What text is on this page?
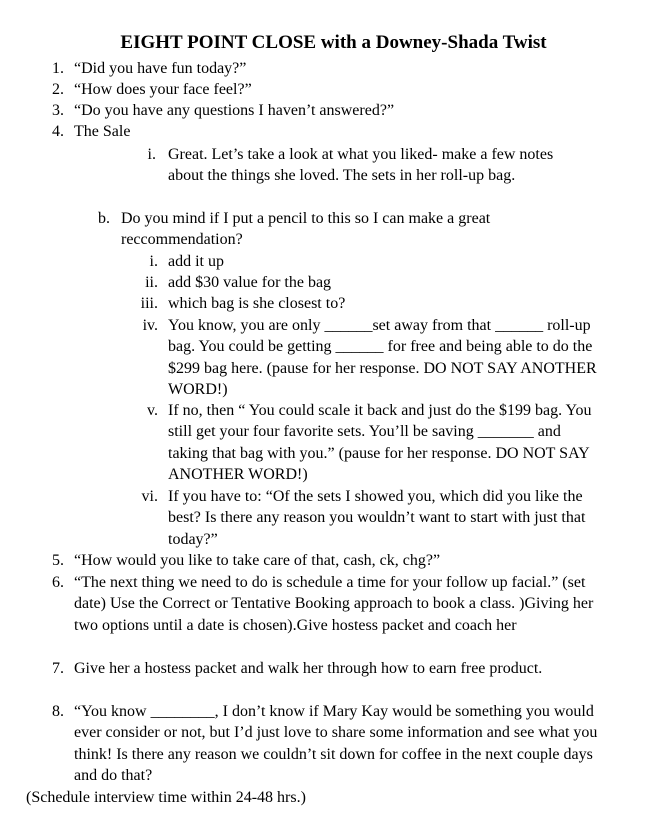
EIGHT POINT CLOSE with a Downey-Shada Twist
1. “Did you have fun today?”
2. “How does your face feel?”
3. “Do you have any questions I haven’t answered?”
4. The Sale
i. Great. Let’s take a look at what you liked- make a few notes about the things she loved. The sets in her roll-up bag.
b. Do you mind if I put a pencil to this so I can make a great reccommendation?
i. add it up
ii. add $30 value for the bag
iii. which bag is she closest to?
iv. You know, you are only ______set away from that ______ roll-up bag. You could be getting ______ for free and being able to do the $299 bag here. (pause for her response. DO NOT SAY ANOTHER WORD!)
v. If no, then “ You could scale it back and just do the $199 bag. You still get your four favorite sets. You’ll be saving _______ and taking that bag with you.” (pause for her response. DO NOT SAY ANOTHER WORD!)
vi. If you have to: “Of the sets I showed you, which did you like the best? Is there any reason you wouldn’t want to start with just that today?”
5. “How would you like to take care of that, cash, ck, chg?”
6. “The next thing we need to do is schedule a time for your follow up facial.” (set date) Use the Correct or Tentative Booking approach to book a class. )Giving her two options until a date is chosen).Give hostess packet and coach her
7. Give her a hostess packet and walk her through how to earn free product.
8. “You know ________, I don’t know if Mary Kay would be something you would ever consider or not, but I’d just love to share some information and see what you think! Is there any reason we couldn’t sit down for coffee in the next couple days and do that?
(Schedule interview time within 24-48 hrs.)
